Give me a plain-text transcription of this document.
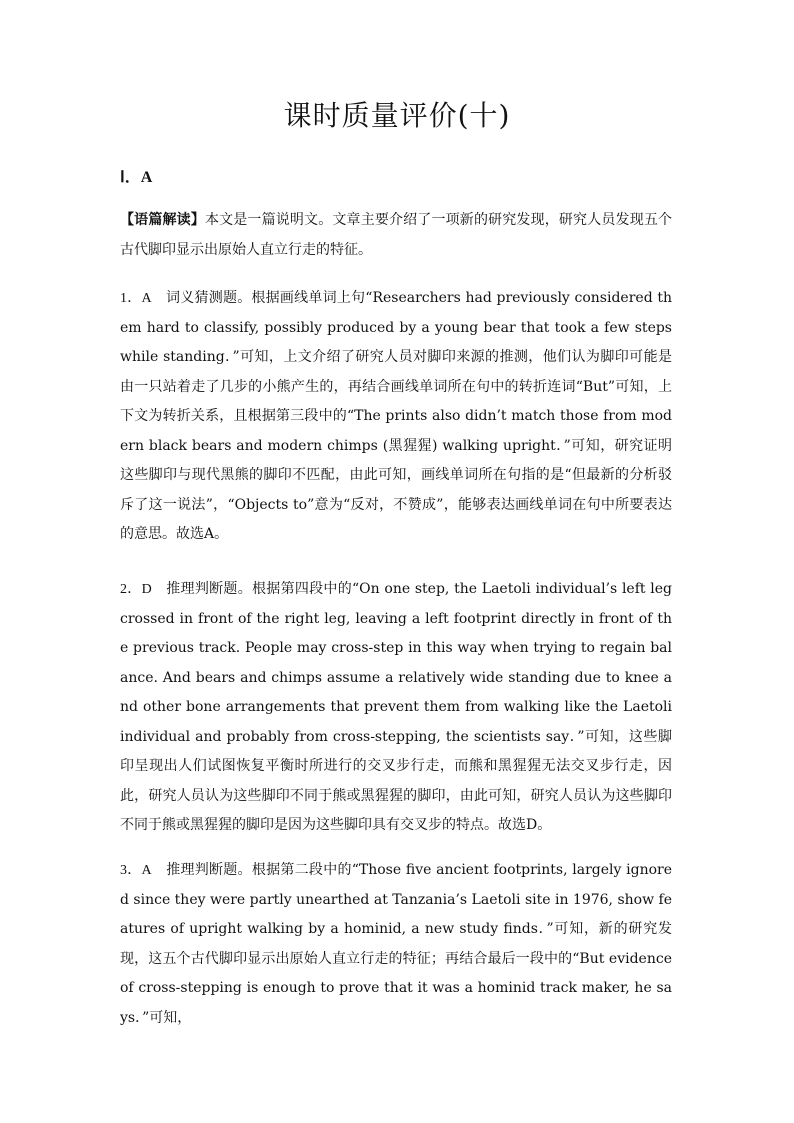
课时质量评价(十)
Ⅰ．A
【语篇解读】本文是一篇说明文。文章主要介绍了一项新的研究发现，研究人员发现五个古代脚印显示出原始人直立行走的特征。
1．A　词义猜测题。根据画线单词上句“Researchers had previously considered them hard to classify, possibly produced by a young bear that took a few steps while standing．”可知，上文介绍了研究人员对脚印来源的推测，他们认为脚印可能是由一只站着走了几步的小熊产生的，再结合画线单词所在句中的转折连词“But”可知，上下文为转折关系，且根据第三段中的“The prints also didn’t match those from modern black bears and modern chimps (黑猩猩) walking upright．”可知，研究证明这些脚印与现代黑熊的脚印不匹配，由此可知，画线单词所在句指的是“但最新的分析驳斥了这一说法”，“Objects to”意为“反对，不赞成”，能够表达画线单词在句中所要表达的意思。故选A。
2．D　推理判断题。根据第四段中的“On one step, the Laetoli individual’s left leg crossed in front of the right leg, leaving a left footprint directly in front of the previous track. People may cross-step in this way when trying to regain balance. And bears and chimps assume a relatively wide standing due to knee and other bone arrangements that prevent them from walking like the Laetoli individual and probably from cross-stepping, the scientists say．”可知，这些脚印呈现出人们试图恢复平衡时所进行的交叉步行走，而熊和黑猩猩无法交叉步行走，因此，研究人员认为这些脚印不同于熊或黑猩猩的脚印，由此可知，研究人员认为这些脚印不同于熊或黑猩猩的脚印是因为这些脚印具有交叉步的特点。故选D。
3．A　推理判断题。根据第二段中的“Those five ancient footprints, largely ignored since they were partly unearthed at Tanzania’s Laetoli site in 1976, show features of upright walking by a hominid, a new study finds．”可知，新的研究发现，这五个古代脚印显示出原始人直立行走的特征；再结合最后一段中的“But evidence of cross-stepping is enough to prove that it was a hominid track maker, he says．”可知，
